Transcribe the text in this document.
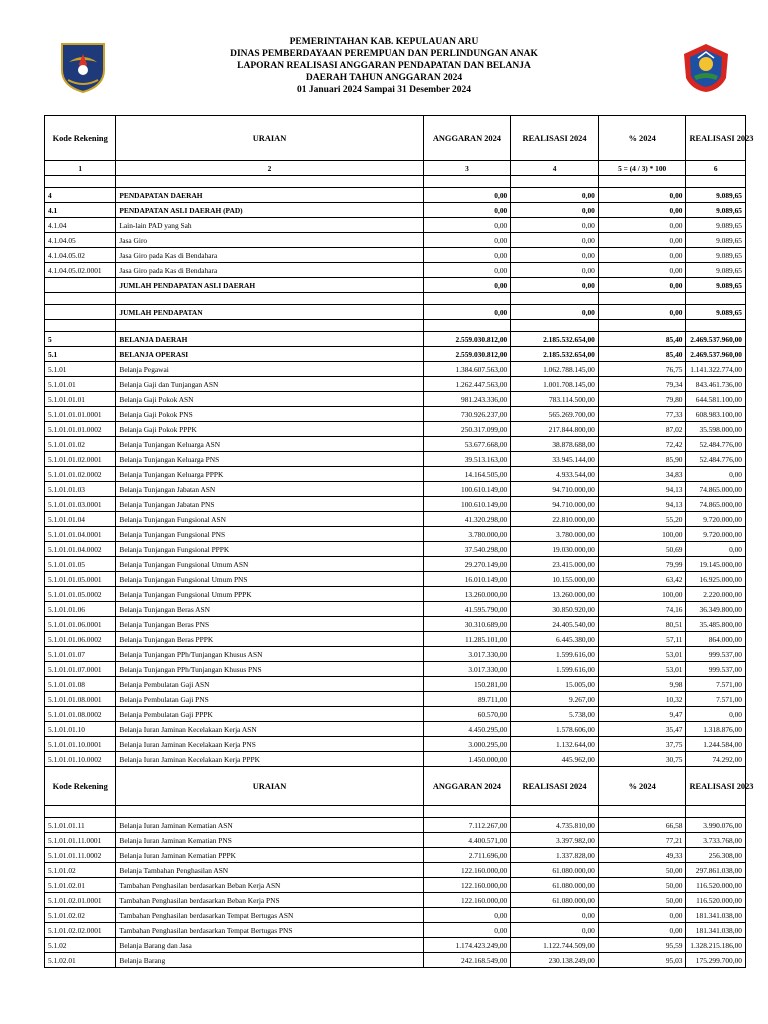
PEMERINTAHAN KAB. KEPULAUAN ARU
DINAS PEMBERDAYAAN PEREMPUAN DAN PERLINDUNGAN ANAK
LAPORAN REALISASI ANGGARAN PENDAPATAN DAN BELANJA
DAERAH TAHUN ANGGARAN 2024
01 Januari 2024 Sampai 31 Desember 2024
Kode Rekening	URAIAN	ANGGARAN 2024	REALISASI 2024	% 2024	REALISASI 2023
1	2	3	4	5 = (4 / 3) * 100	6

4	PENDAPATAN DAERAH	0,00	0,00	0,00	9.089,65
4.1	PENDAPATAN ASLI DAERAH (PAD)	0,00	0,00	0,00	9.089,65
4.1.04	Lain-lain PAD yang Sah	0,00	0,00	0,00	9.089,65
4.1.04.05	Jasa Giro	0,00	0,00	0,00	9.089,65
4.1.04.05.02	Jasa Giro pada Kas di Bendahara	0,00	0,00	0,00	9.089,65
4.1.04.05.02.0001	Jasa Giro pada Kas di Bendahara	0,00	0,00	0,00	9.089,65
	JUMLAH PENDAPATAN ASLI DAERAH	0,00	0,00	0,00	9.089,65

	JUMLAH PENDAPATAN	0,00	0,00	0,00	9.089,65

5	BELANJA DAERAH	2.559.030.812,00	2.185.532.654,00	85,40	2.469.537.960,00
5.1	BELANJA OPERASI	2.559.030.812,00	2.185.532.654,00	85,40	2.469.537.960,00
5.1.01	Belanja Pegawai	1.384.607.563,00	1.062.788.145,00	76,75	1.141.322.774,00
5.1.01.01	Belanja Gaji dan Tunjangan ASN	1.262.447.563,00	1.001.708.145,00	79,34	843.461.736,00
5.1.01.01.01	Belanja Gaji Pokok ASN	981.243.336,00	783.114.500,00	79,80	644.581.100,00
5.1.01.01.01.0001	Belanja Gaji Pokok PNS	730.926.237,00	565.269.700,00	77,33	608.983.100,00
5.1.01.01.01.0002	Belanja Gaji Pokok PPPK	250.317.099,00	217.844.800,00	87,02	35.598.000,00
5.1.01.01.02	Belanja Tunjangan Keluarga ASN	53.677.668,00	38.878.688,00	72,42	52.484.776,00
5.1.01.01.02.0001	Belanja Tunjangan Keluarga PNS	39.513.163,00	33.945.144,00	85,90	52.484.776,00
5.1.01.01.02.0002	Belanja Tunjangan Keluarga PPPK	14.164.505,00	4.933.544,00	34,83	0,00
5.1.01.01.03	Belanja Tunjangan Jabatan ASN	100.610.149,00	94.710.000,00	94,13	74.865.000,00
5.1.01.01.03.0001	Belanja Tunjangan Jabatan PNS	100.610.149,00	94.710.000,00	94,13	74.865.000,00
5.1.01.01.04	Belanja Tunjangan Fungsional ASN	41.320.298,00	22.810.000,00	55,20	9.720.000,00
5.1.01.01.04.0001	Belanja Tunjangan Fungsional PNS	3.780.000,00	3.780.000,00	100,00	9.720.000,00
5.1.01.01.04.0002	Belanja Tunjangan Fungsional PPPK	37.540.298,00	19.030.000,00	50,69	0,00
5.1.01.01.05	Belanja Tunjangan Fungsional Umum ASN	29.270.149,00	23.415.000,00	79,99	19.145.000,00
5.1.01.01.05.0001	Belanja Tunjangan Fungsional Umum PNS	16.010.149,00	10.155.000,00	63,42	16.925.000,00
5.1.01.01.05.0002	Belanja Tunjangan Fungsional Umum PPPK	13.260.000,00	13.260.000,00	100,00	2.220.000,00
5.1.01.01.06	Belanja Tunjangan Beras ASN	41.595.790,00	30.850.920,00	74,16	36.349.800,00
5.1.01.01.06.0001	Belanja Tunjangan Beras PNS	30.310.689,00	24.405.540,00	80,51	35.485.800,00
5.1.01.01.06.0002	Belanja Tunjangan Beras PPPK	11.285.101,00	6.445.380,00	57,11	864.000,00
5.1.01.01.07	Belanja Tunjangan PPh/Tunjangan Khusus ASN	3.017.330,00	1.599.616,00	53,01	999.537,00
5.1.01.01.07.0001	Belanja Tunjangan PPh/Tunjangan Khusus PNS	3.017.330,00	1.599.616,00	53,01	999.537,00
5.1.01.01.08	Belanja Pembulatan Gaji ASN	150.281,00	15.005,00	9,98	7.571,00
5.1.01.01.08.0001	Belanja Pembulatan Gaji PNS	89.711,00	9.267,00	10,32	7.571,00
5.1.01.01.08.0002	Belanja Pembulatan Gaji PPPK	60.570,00	5.738,00	9,47	0,00
5.1.01.01.10	Belanja Iuran Jaminan Kecelakaan Kerja ASN	4.450.295,00	1.578.606,00	35,47	1.318.876,00
5.1.01.01.10.0001	Belanja Iuran Jaminan Kecelakaan Kerja PNS	3.000.295,00	1.132.644,00	37,75	1.244.584,00
5.1.01.01.10.0002	Belanja Iuran Jaminan Kecelakaan Kerja PPPK	1.450.000,00	445.962,00	30,75	74.292,00
Kode Rekening	URAIAN	ANGGARAN 2024	REALISASI 2024	% 2024	REALISASI 2023

5.1.01.01.11	Belanja Iuran Jaminan Kematian ASN	7.112.267,00	4.735.810,00	66,58	3.990.076,00
5.1.01.01.11.0001	Belanja Iuran Jaminan Kematian PNS	4.400.571,00	3.397.982,00	77,21	3.733.768,00
5.1.01.01.11.0002	Belanja Iuran Jaminan Kematian PPPK	2.711.696,00	1.337.828,00	49,33	256.308,00
5.1.01.02	Belanja Tambahan Penghasilan ASN	122.160.000,00	61.080.000,00	50,00	297.861.038,00
5.1.01.02.01	Tambahan Penghasilan berdasarkan Beban Kerja ASN	122.160.000,00	61.080.000,00	50,00	116.520.000,00
5.1.01.02.01.0001	Tambahan Penghasilan berdasarkan Beban Kerja PNS	122.160.000,00	61.080.000,00	50,00	116.520.000,00
5.1.01.02.02	Tambahan Penghasilan berdasarkan Tempat Bertugas ASN	0,00	0,00	0,00	181.341.038,00
5.1.01.02.02.0001	Tambahan Penghasilan berdasarkan Tempat Bertugas PNS	0,00	0,00	0,00	181.341.038,00
5.1.02	Belanja Barang dan Jasa	1.174.423.249,00	1.122.744.509,00	95,59	1.328.215.186,00
5.1.02.01	Belanja Barang	242.168.549,00	230.138.249,00	95,03	175.299.700,00
